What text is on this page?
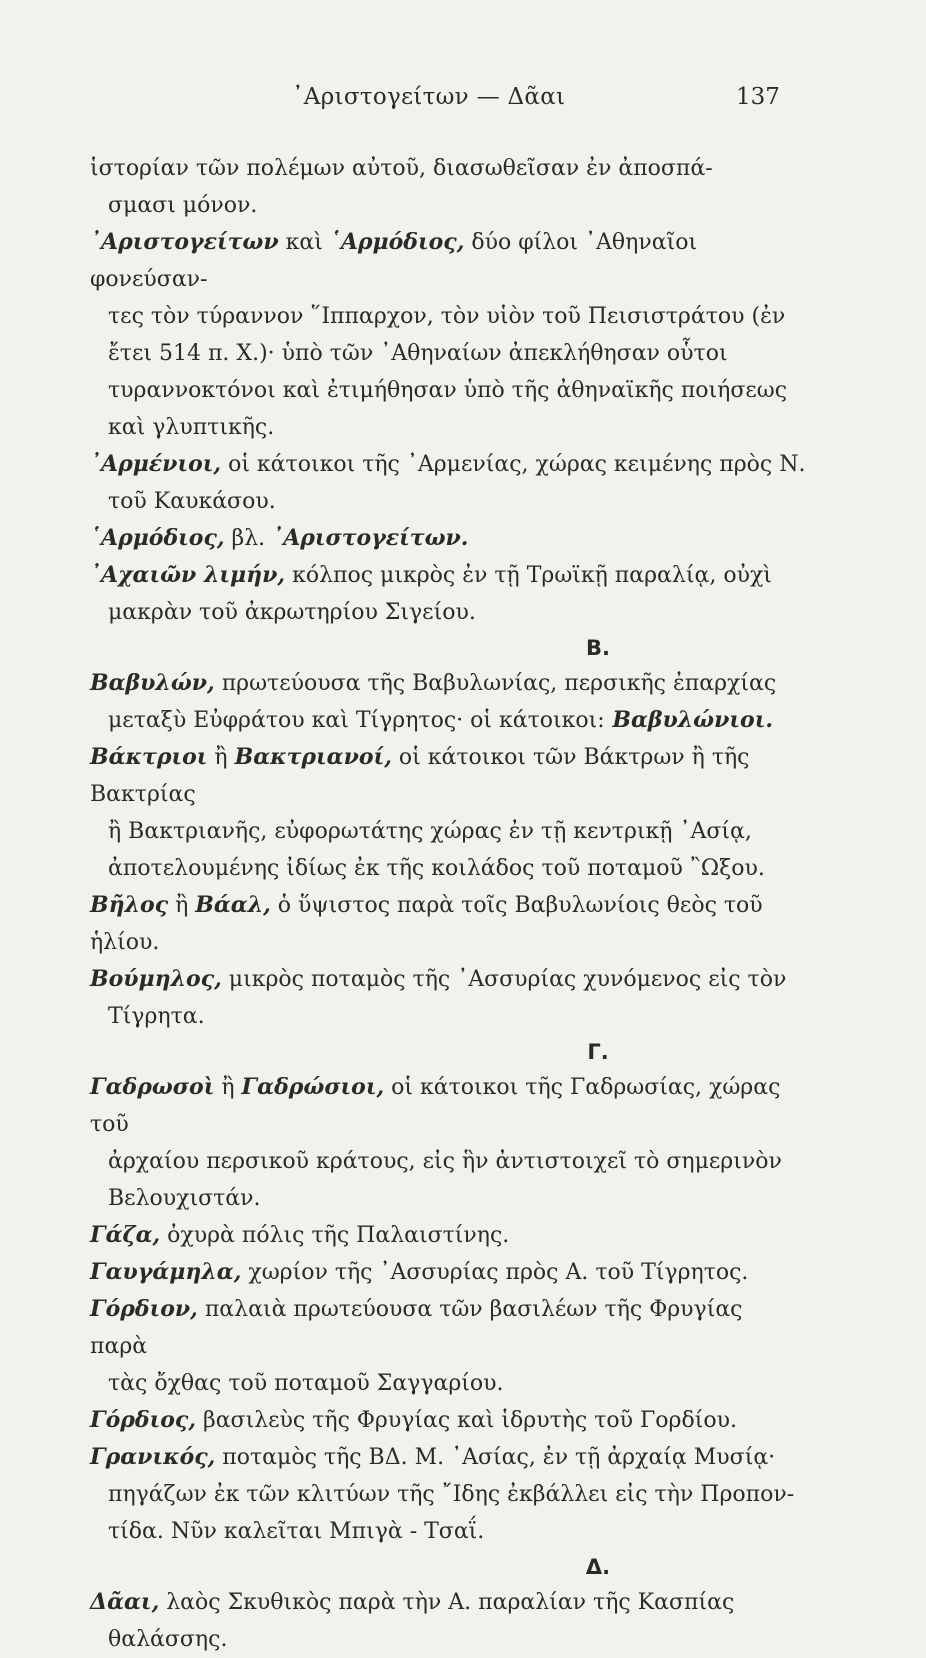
᾿Αριστογείτων — Δᾶαι	137
ἱστορίαν τῶν πολέμων αὐτοῦ, διασωθεῖσαν ἐν ἀποσπά-
σμασι μόνον.
᾿Αριστογείτων καὶ ῾Αρμόδιος, δύο φίλοι ᾿Αθηναῖοι φονεύσαν-
τες τὸν τύραννον ῞Ιππαρχον, τὸν υἱὸν τοῦ Πεισιστράτου (ἐν
ἔτει 514 π. Χ.)· ὑπὸ τῶν ᾿Αθηναίων ἀπεκλήθησαν οὗτοι
τυραννοκτόνοι καὶ ἐτιμήθησαν ὑπὸ τῆς ἀθηναϊκῆς ποιήσεως
καὶ γλυπτικῆς.
᾿Αρμένιοι, οἱ κάτοικοι τῆς ᾿Αρμενίας, χώρας κειμένης πρὸς Ν.
τοῦ Καυκάσου.
῾Αρμόδιος, βλ. ᾿Αριστογείτων.
᾿Αχαιῶν λιμήν, κόλπος μικρὸς ἐν τῇ Τρωϊκῇ παραλίᾳ, οὐχὶ
μακρὰν τοῦ ἀκρωτηρίου Σιγείου.
Β.
Βαβυλών, πρωτεύουσα τῆς Βαβυλωνίας, περσικῆς ἐπαρχίας
μεταξὺ Εὐφράτου καὶ Τίγρητος· οἱ κάτοικοι: Βαβυλώνιοι.
Βάκτριοι ἢ Βακτριανοί, οἱ κάτοικοι τῶν Βάκτρων ἢ τῆς Βακτρίας
ἢ Βακτριανῆς, εὐφορωτάτης χώρας ἐν τῇ κεντρικῇ ᾿Ασίᾳ,
ἀποτελουμένης ἰδίως ἐκ τῆς κοιλάδος τοῦ ποταμοῦ ῍Ωξου.
Βῆλος ἢ Βάαλ, ὁ ὕψιστος παρὰ τοῖς Βαβυλωνίοις θεὸς τοῦ ἡλίου.
Βούμηλος, μικρὸς ποταμὸς τῆς ᾿Ασσυρίας χυνόμενος εἰς τὸν
Τίγρητα.
Γ.
Γαδρωσοὶ ἢ Γαδρώσιοι, οἱ κάτοικοι τῆς Γαδρωσίας, χώρας τοῦ
ἀρχαίου περσικοῦ κράτους, εἰς ἣν ἀντιστοιχεῖ τὸ σημερινὸν
Βελουχιστάν.
Γάζα, ὀχυρὰ πόλις τῆς Παλαιστίνης.
Γαυγάμηλα, χωρίον τῆς ᾿Ασσυρίας πρὸς Α. τοῦ Τίγρητος.
Γόρδιον, παλαιὰ πρωτεύουσα τῶν βασιλέων τῆς Φρυγίας παρὰ
τὰς ὄχθας τοῦ ποταμοῦ Σαγγαρίου.
Γόρδιος, βασιλεὺς τῆς Φρυγίας καὶ ἱδρυτὴς τοῦ Γορδίου.
Γρανικός, ποταμὸς τῆς ΒΔ. Μ. ᾿Ασίας, ἐν τῇ ἀρχαίᾳ Μυσίᾳ·
πηγάζων ἐκ τῶν κλιτύων τῆς ῎Ιδης ἐκβάλλει εἰς τὴν Προπον-
τίδα. Νῦν καλεῖται Μπιγὰ - Τσαΐ.
Δ.
Δᾶαι, λαὸς Σκυθικὸς παρὰ τὴν Α. παραλίαν τῆς Κασπίας
θαλάσσης.
